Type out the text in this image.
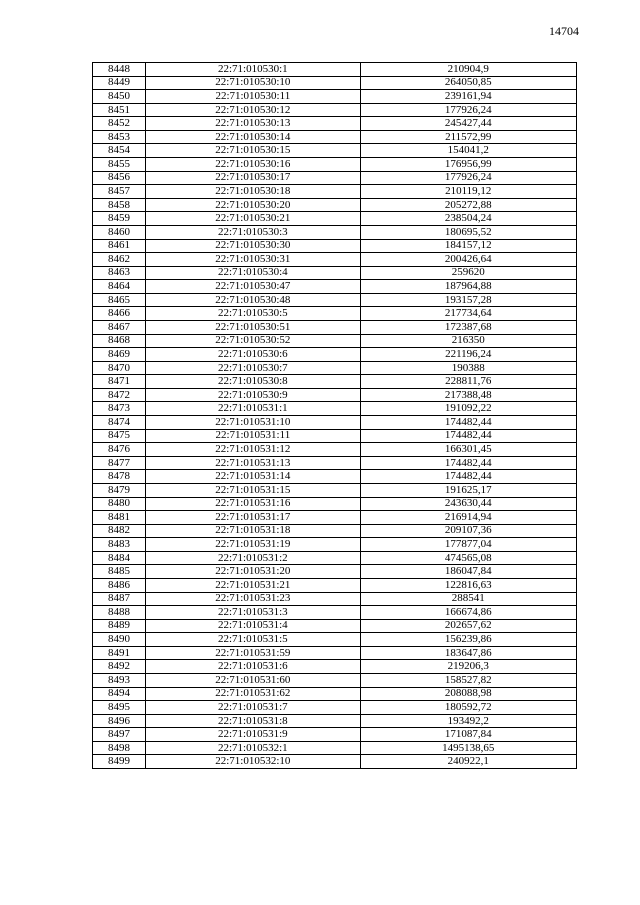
14704
8448	22:71:010530:1	210904,9
8449	22:71:010530:10	264050,85
8450	22:71:010530:11	239161,94
8451	22:71:010530:12	177926,24
8452	22:71:010530:13	245427,44
8453	22:71:010530:14	211572,99
8454	22:71:010530:15	154041,2
8455	22:71:010530:16	176956,99
8456	22:71:010530:17	177926,24
8457	22:71:010530:18	210119,12
8458	22:71:010530:20	205272,88
8459	22:71:010530:21	238504,24
8460	22:71:010530:3	180695,52
8461	22:71:010530:30	184157,12
8462	22:71:010530:31	200426,64
8463	22:71:010530:4	259620
8464	22:71:010530:47	187964,88
8465	22:71:010530:48	193157,28
8466	22:71:010530:5	217734,64
8467	22:71:010530:51	172387,68
8468	22:71:010530:52	216350
8469	22:71:010530:6	221196,24
8470	22:71:010530:7	190388
8471	22:71:010530:8	228811,76
8472	22:71:010530:9	217388,48
8473	22:71:010531:1	191092,22
8474	22:71:010531:10	174482,44
8475	22:71:010531:11	174482,44
8476	22:71:010531:12	166301,45
8477	22:71:010531:13	174482,44
8478	22:71:010531:14	174482,44
8479	22:71:010531:15	191625,17
8480	22:71:010531:16	243630,44
8481	22:71:010531:17	216914,94
8482	22:71:010531:18	209107,36
8483	22:71:010531:19	177877,04
8484	22:71:010531:2	474565,08
8485	22:71:010531:20	186047,84
8486	22:71:010531:21	122816,63
8487	22:71:010531:23	288541
8488	22:71:010531:3	166674,86
8489	22:71:010531:4	202657,62
8490	22:71:010531:5	156239,86
8491	22:71:010531:59	183647,86
8492	22:71:010531:6	219206,3
8493	22:71:010531:60	158527,82
8494	22:71:010531:62	208088,98
8495	22:71:010531:7	180592,72
8496	22:71:010531:8	193492,2
8497	22:71:010531:9	171087,84
8498	22:71:010532:1	1495138,65
8499	22:71:010532:10	240922,1
